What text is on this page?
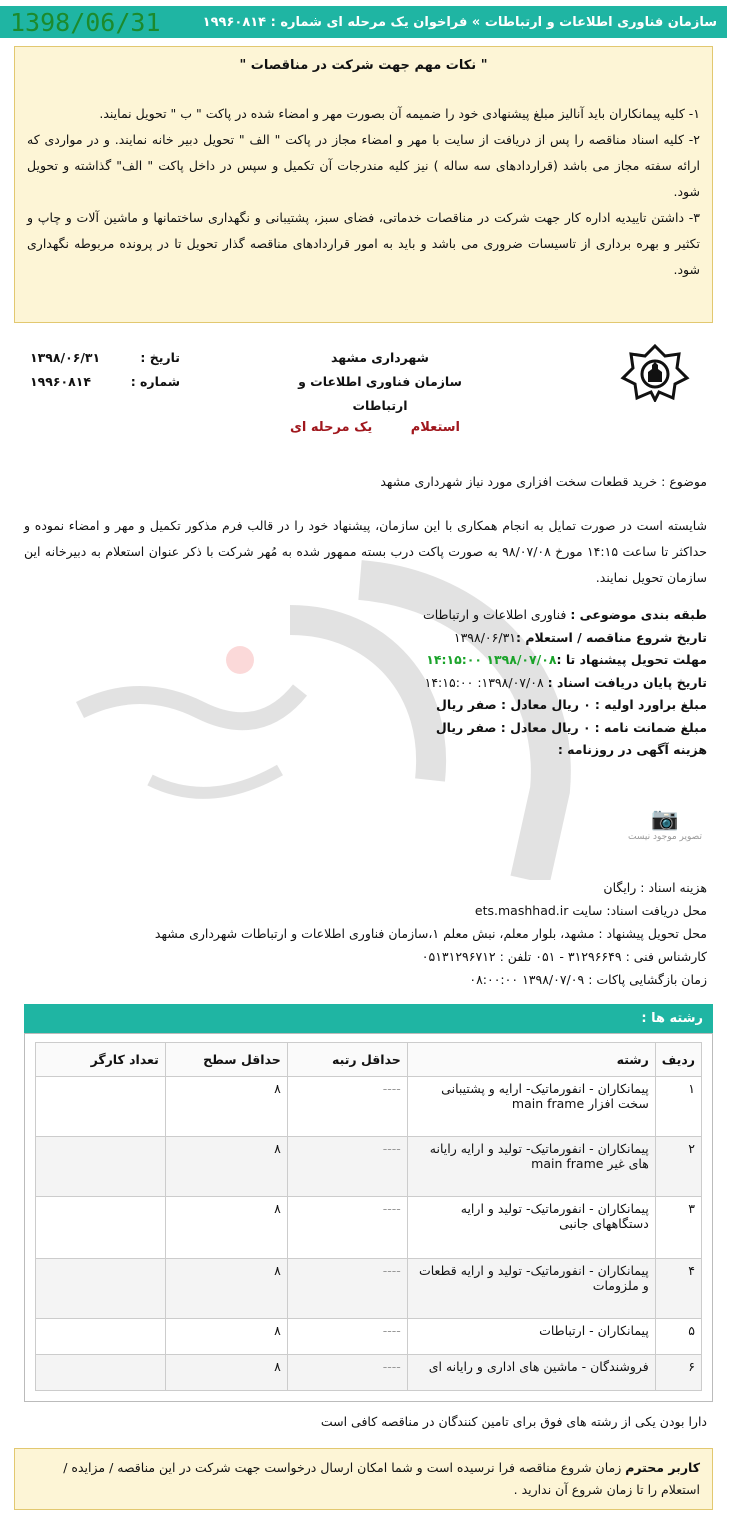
سازمان فناوری اطلاعات و ارتباطات » فراخوان یک مرحله ای شماره : ۱۹۹۶۰۸۱۴
1398/06/31
" نکات مهم جهت شرکت در مناقصات "
۱- کلیه پیمانکاران باید آنالیز مبلغ پیشنهادی خود را ضمیمه آن بصورت مهر و امضاء شده در پاکت " ب " تحویل نمایند.
۲- کلیه اسناد مناقصه را پس از دریافت از سایت با مهر و امضاء مجاز در پاکت " الف " تحویل دبیر خانه نمایند. و در مواردی که ارائه سفته مجاز می باشد (قراردادهای سه ساله ) نیز کلیه مندرجات آن تکمیل و سپس در داخل پاکت " الف" گذاشته و تحویل شود.
۳- داشتن تاییدیه اداره کار جهت شرکت در مناقصات خدماتی، فضای سبز، پشتیبانی و نگهداری ساختمانها و ماشین آلات و چاپ و تکثیر و بهره برداری از تاسیسات ضروری می باشد و باید به امور قراردادهای مناقصه گذار تحویل تا در پرونده مربوطه نگهداری شود.
شهرداری مشهد
سازمان فناوری اطلاعات و ارتباطات
تاریخ :
۱۳۹۸/۰۶/۳۱
شماره :
۱۹۹۶۰۸۱۴
استعلام
یک مرحله ای
موضوع : خرید قطعات سخت افزاری مورد نیاز شهرداری مشهد
شایسته است در صورت تمایل به انجام همکاری با این سازمان، پیشنهاد خود را در قالب فرم مذکور تکمیل و مهر و امضاء نموده و حداکثر تا ساعت ۱۴:۱۵ مورخ ۹۸/۰۷/۰۸ به صورت پاکت درب بسته ممهور شده به مُهر شرکت با ذکر عنوان استعلام به دبیرخانه این سازمان تحویل نمایند.
طبقه بندی موضوعی : فناوری اطلاعات و ارتباطات
تاریخ شروع مناقصه / استعلام :۱۳۹۸/۰۶/۳۱
مهلت تحویل پیشنهاد تا :۱۳۹۸/۰۷/۰۸ ۱۴:۱۵:۰۰
تاریخ پایان دریافت اسناد : ۱۳۹۸/۰۷/۰۸: ۱۴:۱۵:۰۰
مبلغ براورد اولیه : ۰ ریال معادل : صفر ریال
مبلغ ضمانت نامه : ۰ ریال معادل : صفر ریال
هزینه آگهی در روزنامه :
📷
تصویر موجود نیست
هزینه اسناد : رایگان
محل دریافت اسناد: سایت ets.mashhad.ir
محل تحویل پیشنهاد : مشهد، بلوار معلم، نبش معلم ۱،سازمان فناوری اطلاعات و ارتباطات شهرداری مشهد
کارشناس فنی : ۳۱۲۹۶۶۴۹ - ۰۵۱ تلفن : ۰۵۱۳۱۲۹۶۷۱۲
زمان بازگشایی پاکات : ۱۳۹۸/۰۷/۰۹ ۰۸:۰۰:۰۰
رشته ها :
ردیف	رشته	حداقل رتبه	حداقل سطح	تعداد کارگر
۱	پیمانکاران - انفورماتیک- ارایه و پشتیبانی سخت افزار main frame	----	۸	
۲	پیمانکاران - انفورماتیک- تولید و ارایه رایانه های غیر main frame	----	۸	
۳	پیمانکاران - انفورماتیک- تولید و ارایه دستگاههای جانبی	----	۸	
۴	پیمانکاران - انفورماتیک- تولید و ارایه قطعات و ملزومات	----	۸	
۵	پیمانکاران - ارتباطات	----	۸	
۶	فروشندگان - ماشین های اداری و رایانه ای	----	۸	
دارا بودن یکی از رشته های فوق برای تامین کنندگان در مناقصه کافی است
کاربر محترم زمان شروع مناقصه فرا نرسیده است و شما امکان ارسال درخواست جهت شرکت در این مناقصه / مزایده / استعلام را تا زمان شروع آن ندارید .
